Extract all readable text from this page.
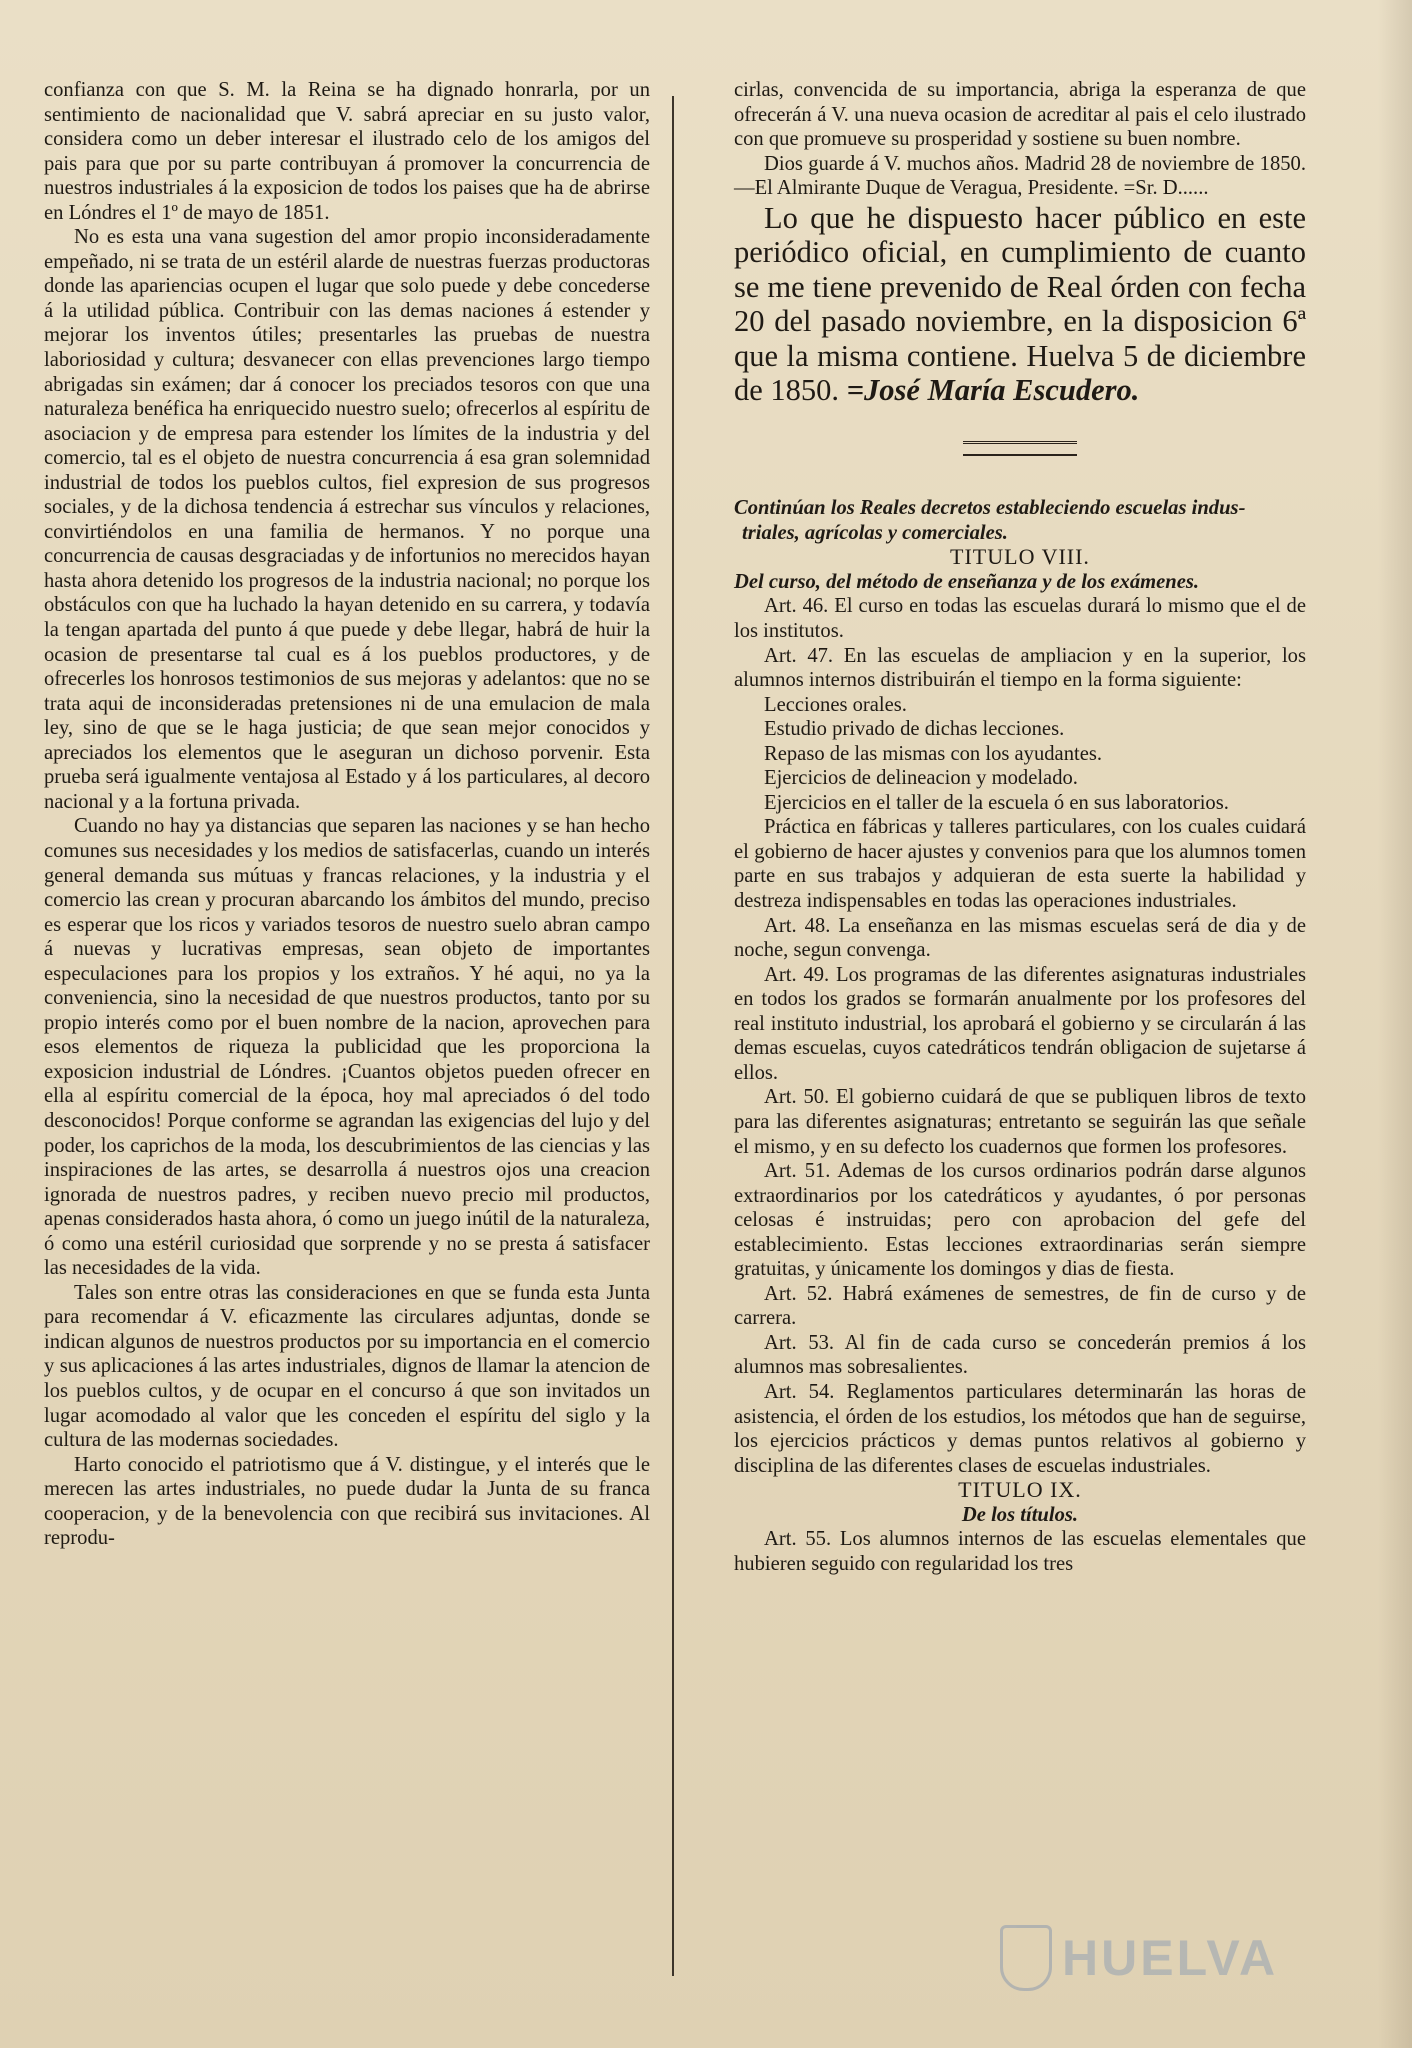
confianza con que S. M. la Reina se ha dignado honrarla, por un sentimiento de nacionalidad que V. sabrá apreciar en su justo valor, considera como un deber interesar el ilustrado celo de los amigos del pais para que por su parte contribuyan á promover la concurrencia de nuestros industriales á la exposicion de todos los paises que ha de abrirse en Lóndres el 1º de mayo de 1851.

No es esta una vana sugestion del amor propio inconsideradamente empeñado, ni se trata de un estéril alarde de nuestras fuerzas productoras donde las apariencias ocupen el lugar que solo puede y debe concederse á la utilidad pública. Contribuir con las demas naciones á estender y mejorar los inventos útiles; presentarles las pruebas de nuestra laboriosidad y cultura; desvanecer con ellas prevenciones largo tiempo abrigadas sin exámen; dar á conocer los preciados tesoros con que una naturaleza benéfica ha enriquecido nuestro suelo; ofrecerlos al espíritu de asociacion y de empresa para estender los límites de la industria y del comercio, tal es el objeto de nuestra concurrencia á esa gran solemnidad industrial de todos los pueblos cultos, fiel expresion de sus progresos sociales, y de la dichosa tendencia á estrechar sus vínculos y relaciones, convirtiéndolos en una familia de hermanos. Y no porque una concurrencia de causas desgraciadas y de infortunios no merecidos hayan hasta ahora detenido los progresos de la industria nacional; no porque los obstáculos con que ha luchado la hayan detenido en su carrera, y todavía la tengan apartada del punto á que puede y debe llegar, habrá de huir la ocasion de presentarse tal cual es á los pueblos productores, y de ofrecerles los honrosos testimonios de sus mejoras y adelantos: que no se trata aqui de inconsideradas pretensiones ni de una emulacion de mala ley, sino de que se le haga justicia; de que sean mejor conocidos y apreciados los elementos que le aseguran un dichoso porvenir. Esta prueba será igualmente ventajosa al Estado y á los particulares, al decoro nacional y a la fortuna privada.

Cuando no hay ya distancias que separen las naciones y se han hecho comunes sus necesidades y los medios de satisfacerlas, cuando un interés general demanda sus mútuas y francas relaciones, y la industria y el comercio las crean y procuran abarcando los ámbitos del mundo, preciso es esperar que los ricos y variados tesoros de nuestro suelo abran campo á nuevas y lucrativas empresas, sean objeto de importantes especulaciones para los propios y los extraños. Y hé aqui, no ya la conveniencia, sino la necesidad de que nuestros productos, tanto por su propio interés como por el buen nombre de la nacion, aprovechen para esos elementos de riqueza la publicidad que les proporciona la exposicion industrial de Lóndres. ¡Cuantos objetos pueden ofrecer en ella al espíritu comercial de la época, hoy mal apreciados ó del todo desconocidos! Porque conforme se agrandan las exigencias del lujo y del poder, los caprichos de la moda, los descubrimientos de las ciencias y las inspiraciones de las artes, se desarrolla á nuestros ojos una creacion ignorada de nuestros padres, y reciben nuevo precio mil productos, apenas considerados hasta ahora, ó como un juego inútil de la naturaleza, ó como una estéril curiosidad que sorprende y no se presta á satisfacer las necesidades de la vida.

Tales son entre otras las consideraciones en que se funda esta Junta para recomendar á V. eficazmente las circulares adjuntas, donde se indican algunos de nuestros productos por su importancia en el comercio y sus aplicaciones á las artes industriales, dignos de llamar la atencion de los pueblos cultos, y de ocupar en el concurso á que son invitados un lugar acomodado al valor que les conceden el espíritu del siglo y la cultura de las modernas sociedades.

Harto conocido el patriotismo que á V. distingue, y el interés que le merecen las artes industriales, no puede dudar la Junta de su franca cooperacion, y de la benevolencia con que recibirá sus invitaciones. Al reprodu-

cirlas, convencida de su importancia, abriga la esperanza de que ofrecerán á V. una nueva ocasion de acreditar al pais el celo ilustrado con que promueve su prosperidad y sostiene su buen nombre.

Dios guarde á V. muchos años. Madrid 28 de noviembre de 1850.—El Almirante Duque de Veragua, Presidente. =Sr. D......

Lo que he dispuesto hacer público en este periódico oficial, en cumplimiento de cuanto se me tiene prevenido de Real órden con fecha 20 del pasado noviembre, en la disposicion 6ª que la misma contiene. Huelva 5 de diciembre de 1850. =José María Escudero.

Continúan los Reales decretos estableciendo escuelas indus-
triales, agrícolas y comerciales.

TITULO VIII.

Del curso, del método de enseñanza y de los exámenes.

Art. 46. El curso en todas las escuelas durará lo mismo que el de los institutos.

Art. 47. En las escuelas de ampliacion y en la superior, los alumnos internos distribuirán el tiempo en la forma siguiente:

Lecciones orales.

Estudio privado de dichas lecciones.

Repaso de las mismas con los ayudantes.

Ejercicios de delineacion y modelado.

Ejercicios en el taller de la escuela ó en sus laboratorios.

Práctica en fábricas y talleres particulares, con los cuales cuidará el gobierno de hacer ajustes y convenios para que los alumnos tomen parte en sus trabajos y adquieran de esta suerte la habilidad y destreza indispensables en todas las operaciones industriales.

Art. 48. La enseñanza en las mismas escuelas será de dia y de noche, segun convenga.

Art. 49. Los programas de las diferentes asignaturas industriales en todos los grados se formarán anualmente por los profesores del real instituto industrial, los aprobará el gobierno y se circularán á las demas escuelas, cuyos catedráticos tendrán obligacion de sujetarse á ellos.

Art. 50. El gobierno cuidará de que se publiquen libros de texto para las diferentes asignaturas; entretanto se seguirán las que señale el mismo, y en su defecto los cuadernos que formen los profesores.

Art. 51. Ademas de los cursos ordinarios podrán darse algunos extraordinarios por los catedráticos y ayudantes, ó por personas celosas é instruidas; pero con aprobacion del gefe del establecimiento. Estas lecciones extraordinarias serán siempre gratuitas, y únicamente los domingos y dias de fiesta.

Art. 52. Habrá exámenes de semestres, de fin de curso y de carrera.

Art. 53. Al fin de cada curso se concederán premios á los alumnos mas sobresalientes.

Art. 54. Reglamentos particulares determinarán las horas de asistencia, el órden de los estudios, los métodos que han de seguirse, los ejercicios prácticos y demas puntos relativos al gobierno y disciplina de las diferentes clases de escuelas industriales.

TITULO IX.

De los títulos.

Art. 55. Los alumnos internos de las escuelas elementales que hubieren seguido con regularidad los tres

HUELVA
